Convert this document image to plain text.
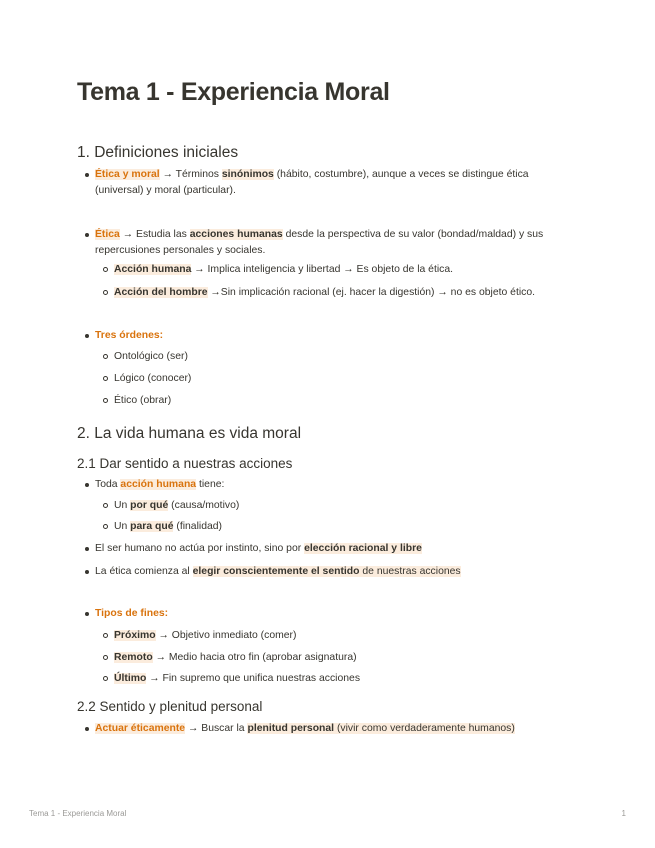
Tema 1 - Experiencia Moral
1. Definiciones iniciales
Ética y moral → Términos sinónimos (hábito, costumbre), aunque a veces se distingue ética (universal) y moral (particular).
Ética → Estudia las acciones humanas desde la perspectiva de su valor (bondad/maldad) y sus repercusiones personales y sociales.
Acción humana → Implica inteligencia y libertad → Es objeto de la ética.
Acción del hombre →Sin implicación racional (ej. hacer la digestión) → no es objeto ético.
Tres órdenes:
Ontológico (ser)
Lógico (conocer)
Ético (obrar)
2. La vida humana es vida moral
2.1 Dar sentido a nuestras acciones
Toda acción humana tiene:
Un por qué (causa/motivo)
Un para qué (finalidad)
El ser humano no actúa por instinto, sino por elección racional y libre
La ética comienza al elegir conscientemente el sentido de nuestras acciones
Tipos de fines:
Próximo → Objetivo inmediato (comer)
Remoto → Medio hacia otro fin (aprobar asignatura)
Último → Fin supremo que unifica nuestras acciones
2.2 Sentido y plenitud personal
Actuar éticamente → Buscar la plenitud personal (vivir como verdaderamente humanos)
Tema 1 - Experiencia Moral	1
